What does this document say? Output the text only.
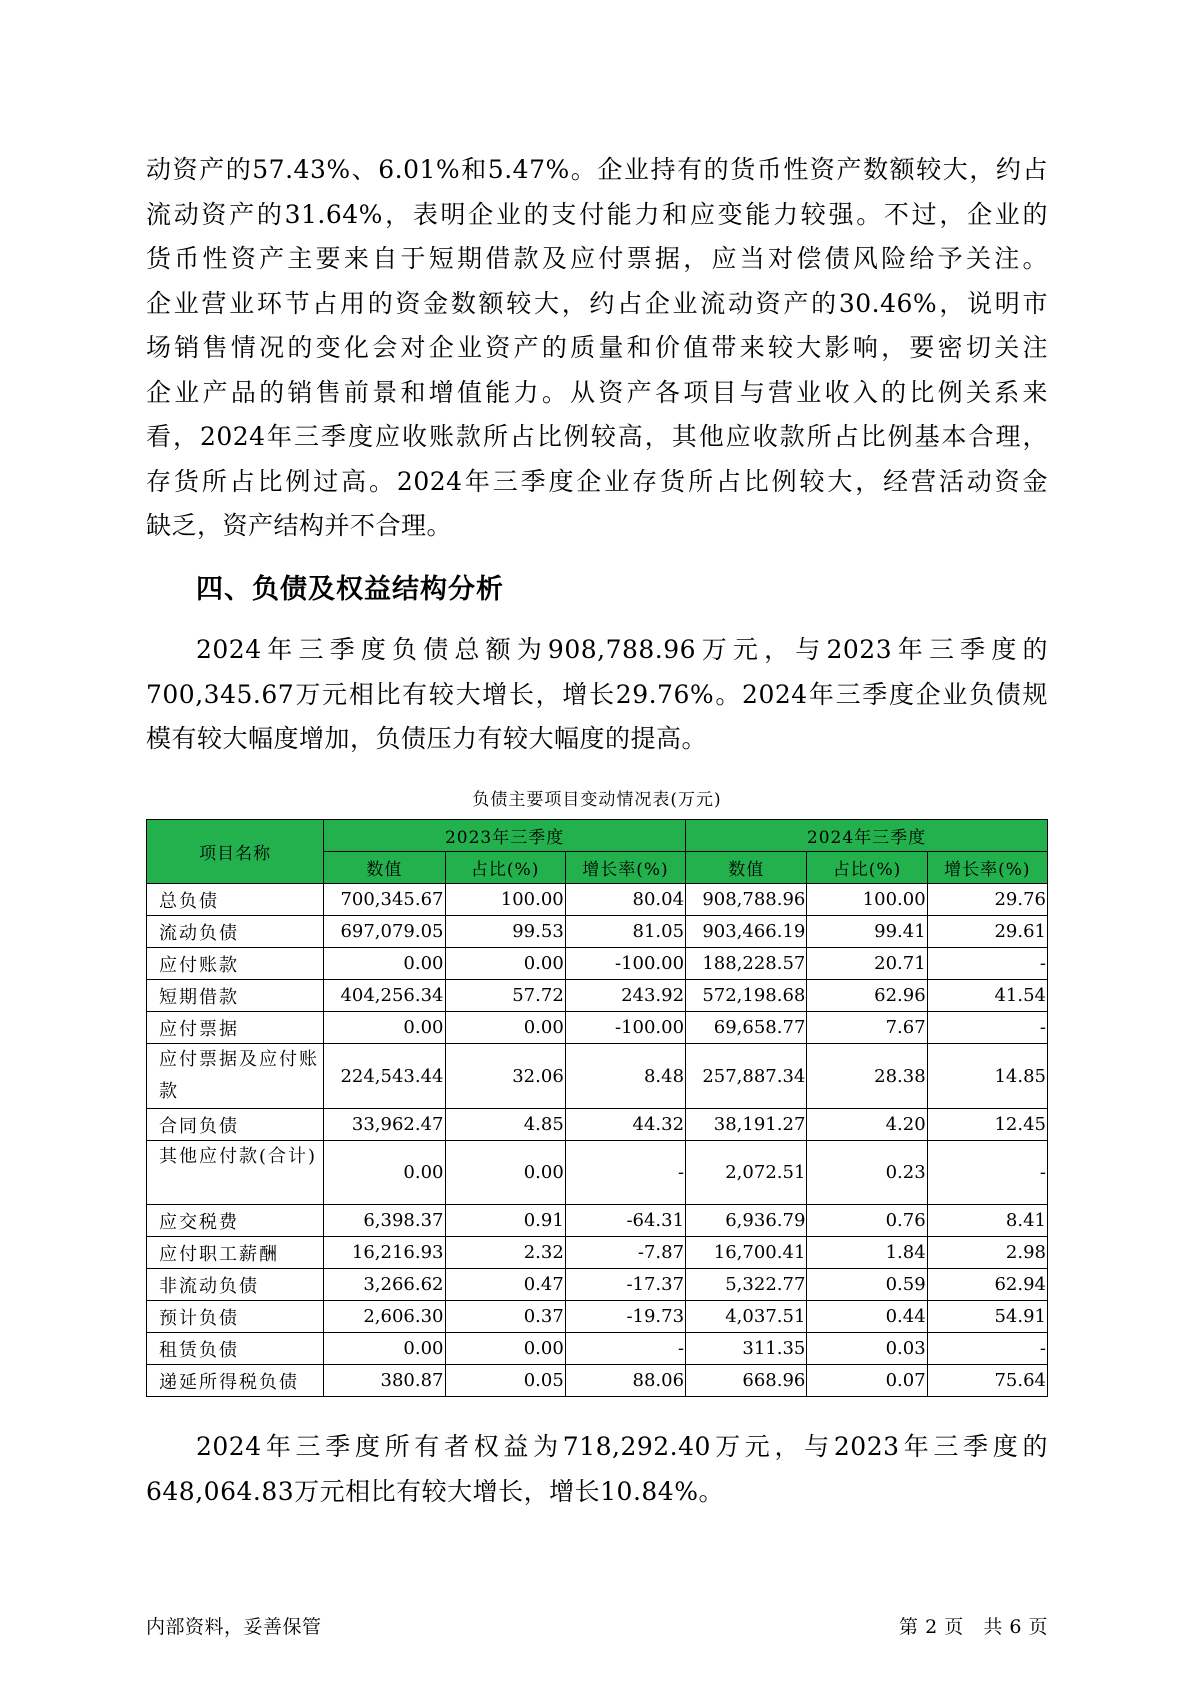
动资产的57.43%、6.01%和5.47%。企业持有的货币性资产数额较大，约占
流动资产的31.64%，表明企业的支付能力和应变能力较强。不过，企业的
货币性资产主要来自于短期借款及应付票据，应当对偿债风险给予关注。
企业营业环节占用的资金数额较大，约占企业流动资产的30.46%，说明市
场销售情况的变化会对企业资产的质量和价值带来较大影响，要密切关注
企业产品的销售前景和增值能力。从资产各项目与营业收入的比例关系来
看，2024年三季度应收账款所占比例较高，其他应收款所占比例基本合理，
存货所占比例过高。2024年三季度企业存货所占比例较大，经营活动资金
缺乏，资产结构并不合理。
四、负债及权益结构分析
2024年三季度负债总额为908,788.96万元，与2023年三季度的
700,345.67万元相比有较大增长，增长29.76%。2024年三季度企业负债规
模有较大幅度增加，负债压力有较大幅度的提高。

负债主要项目变动情况表(万元)

项目名称	2023年三季度			2024年三季度		
	数值	占比(%)	增长率(%)	数值	占比(%)	增长率(%)
总负债	700,345.67	100.00	80.04	908,788.96	100.00	29.76
流动负债	697,079.05	99.53	81.05	903,466.19	99.41	29.61
应付账款	0.00	0.00	-100.00	188,228.57	20.71	-
短期借款	404,256.34	57.72	243.92	572,198.68	62.96	41.54
应付票据	0.00	0.00	-100.00	69,658.77	7.67	-
应付票据及应付账款	224,543.44	32.06	8.48	257,887.34	28.38	14.85
合同负债	33,962.47	4.85	44.32	38,191.27	4.20	12.45
其他应付款(合计)	0.00	0.00	-	2,072.51	0.23	-
应交税费	6,398.37	0.91	-64.31	6,936.79	0.76	8.41
应付职工薪酬	16,216.93	2.32	-7.87	16,700.41	1.84	2.98
非流动负债	3,266.62	0.47	-17.37	5,322.77	0.59	62.94
预计负债	2,606.30	0.37	-19.73	4,037.51	0.44	54.91
租赁负债	0.00	0.00	-	311.35	0.03	-
递延所得税负债	380.87	0.05	88.06	668.96	0.07	75.64
2024年三季度所有者权益为718,292.40万元，与2023年三季度的
648,064.83万元相比有较大增长，增长10.84%。
内部资料，妥善保管	第 2 页   共 6 页
